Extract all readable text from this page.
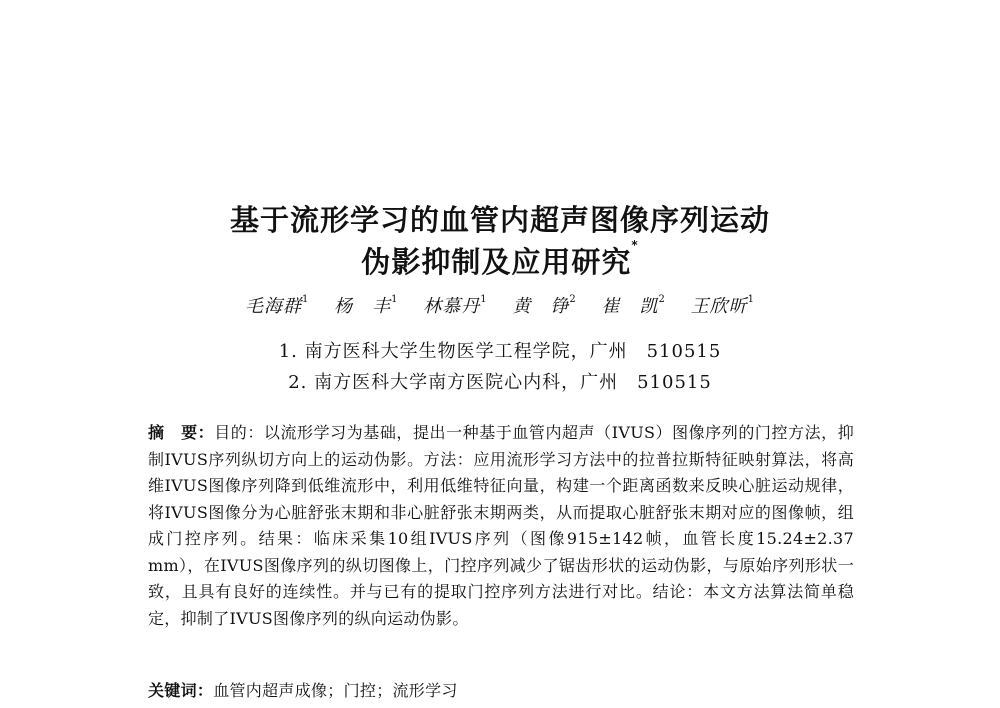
基于流形学习的血管内超声图像序列运动
伪影抑制及应用研究*
毛海群$^1$ 杨　丰$^1$ 林慕丹$^1$ 黄　铮$^2$ 崔　凯$^2$ 王欣昕$^1$
1. 南方医科大学生物医学工程学院，广州　510515
2. 南方医科大学南方医院心内科，广州　510515
摘　要：目的：以流形学习为基础，提出一种基于血管内超声（IVUS）图像序列的门控方法，抑制IVUS序列纵切方向上的运动伪影。方法：应用流形学习方法中的拉普拉斯特征映射算法，将高维IVUS图像序列降到低维流形中，利用低维特征向量，构建一个距离函数来反映心脏运动规律，将IVUS图像分为心脏舒张末期和非心脏舒张末期两类，从而提取心脏舒张末期对应的图像帧，组成门控序列。结果：临床采集10组IVUS序列（图像915±142帧，血管长度15.24±2.37 mm），在IVUS图像序列的纵切图像上，门控序列减少了锯齿形状的运动伪影，与原始序列形状一致，且具有良好的连续性。并与已有的提取门控序列方法进行对比。结论：本文方法算法简单稳定，抑制了IVUS图像序列的纵向运动伪影。
关键词：血管内超声成像；门控；流形学习
